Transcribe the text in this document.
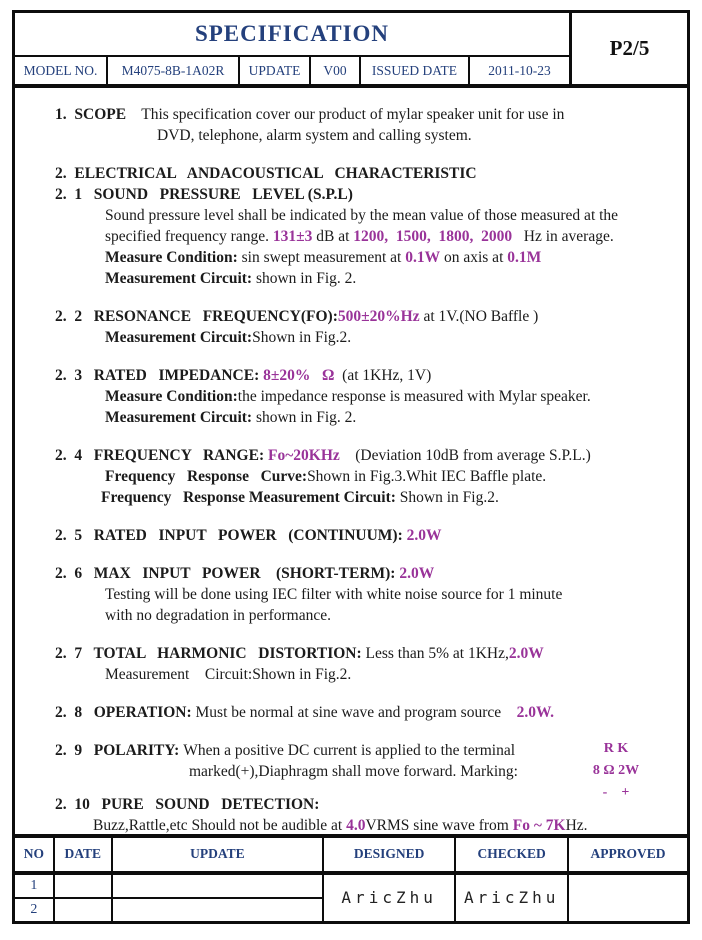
SPECIFICATION
MODEL NO.	M4075-8B-1A02R	UPDATE	V00	ISSUED DATE	2011-10-23
P2/5
1.  SCOPE    This specification cover our product of mylar speaker unit for use in
DVD, telephone, alarm system and calling system.
2.  ELECTRICAL   ANDACOUSTICAL   CHARACTERISTIC
2.  1   SOUND   PRESSURE   LEVEL (S.P.L)
Sound pressure level shall be indicated by the mean value of those measured at the
specified frequency range. 131±3 dB at 1200,  1500,  1800,  2000   Hz in average.
Measure Condition: sin swept measurement at 0.1W on axis at 0.1M
Measurement Circuit: shown in Fig. 2.
2.  2   RESONANCE   FREQUENCY(FO):500±20%Hz at 1V.(NO Baffle )
Measurement Circuit:Shown in Fig.2.
2.  3   RATED   IMPEDANCE: 8±20%   Ω  (at 1KHz, 1V)
Measure Condition:the impedance response is measured with Mylar speaker.
Measurement Circuit: shown in Fig. 2.
2.  4   FREQUENCY   RANGE: Fo~20KHz    (Deviation 10dB from average S.P.L.)
Frequency   Response   Curve:Shown in Fig.3.Whit IEC Baffle plate.
Frequency   Response Measurement Circuit: Shown in Fig.2.
2.  5   RATED   INPUT   POWER   (CONTINUUM): 2.0W
2.  6   MAX   INPUT   POWER    (SHORT-TERM): 2.0W
Testing will be done using IEC filter with white noise source for 1 minute
with no degradation in performance.
2.  7   TOTAL   HARMONIC   DISTORTION: Less than 5% at 1KHz,2.0W
Measurement    Circuit:Shown in Fig.2.
2.  8   OPERATION: Must be normal at sine wave and program source    2.0W.
2.  9   POLARITY: When a positive DC current is applied to the terminal	R K
8 Ω 2W
-    +
marked(+),Diaphragm shall move forward. Marking:
2.  10   PURE   SOUND   DETECTION:
Buzz,Rattle,etc Should not be audible at 4.0VRMS sine wave from Fo ~ 7KHz.
NO	DATE	UPDATE	DESIGNED	CHECKED	APPROVED
1			AricZhu	AricZhu	
2					
